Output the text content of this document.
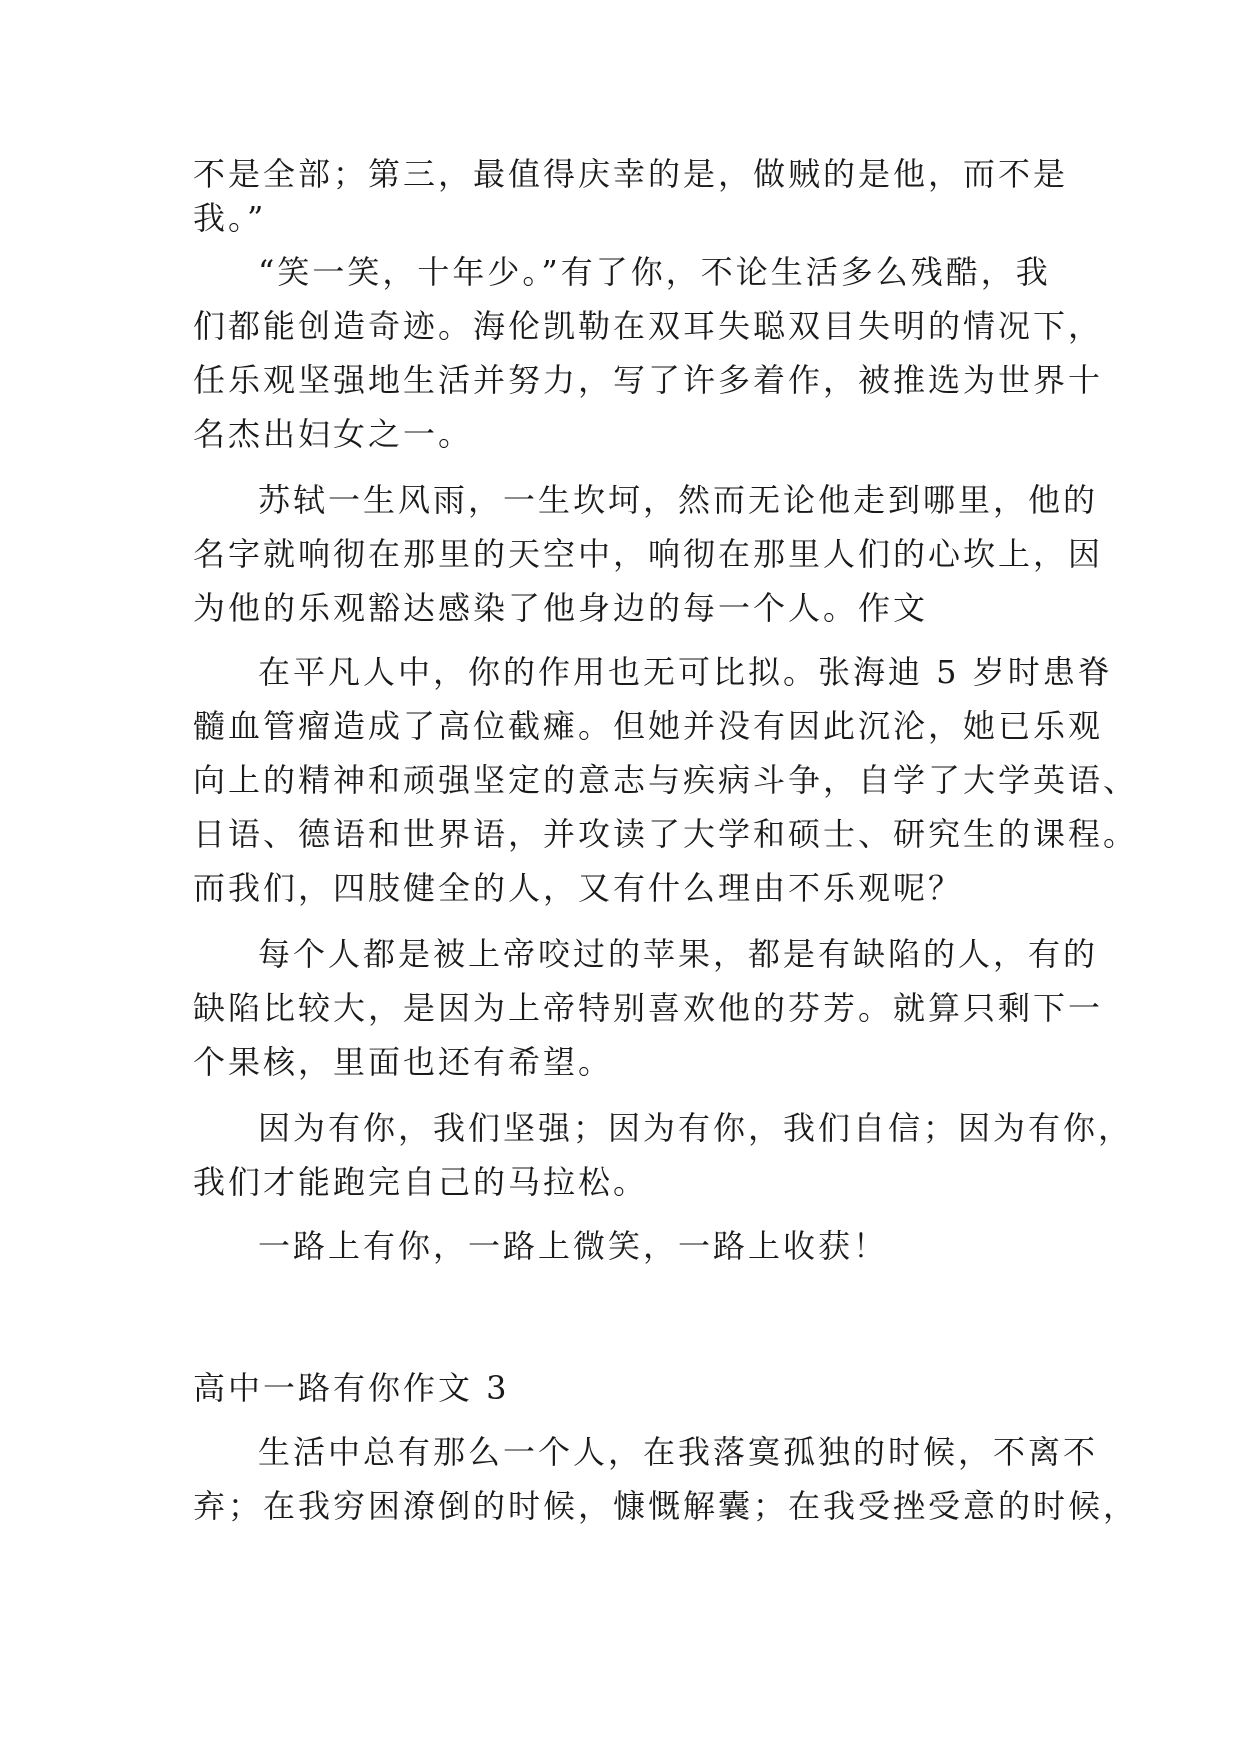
不是全部；第三，最值得庆幸的是，做贼的是他，而不是
我。”
“笑一笑，十年少。”有了你，不论生活多么残酷，我
们都能创造奇迹。海伦凯勒在双耳失聪双目失明的情况下，
任乐观坚强地生活并努力，写了许多着作，被推选为世界十
名杰出妇女之一。
苏轼一生风雨，一生坎坷，然而无论他走到哪里，他的
名字就响彻在那里的天空中，响彻在那里人们的心坎上，因
为他的乐观豁达感染了他身边的每一个人。作文
在平凡人中，你的作用也无可比拟。张海迪 5 岁时患脊
髓血管瘤造成了高位截瘫。但她并没有因此沉沦，她已乐观
向上的精神和顽强坚定的意志与疾病斗争，自学了大学英语、
日语、德语和世界语，并攻读了大学和硕士、研究生的课程。
而我们，四肢健全的人，又有什么理由不乐观呢？
每个人都是被上帝咬过的苹果，都是有缺陷的人，有的
缺陷比较大，是因为上帝特别喜欢他的芬芳。就算只剩下一
个果核，里面也还有希望。
因为有你，我们坚强；因为有你，我们自信；因为有你，
我们才能跑完自己的马拉松。
一路上有你，一路上微笑，一路上收获！
高中一路有你作文 3
生活中总有那么一个人，在我落寞孤独的时候，不离不
弃；在我穷困潦倒的时候，慷慨解囊；在我受挫受意的时候，
